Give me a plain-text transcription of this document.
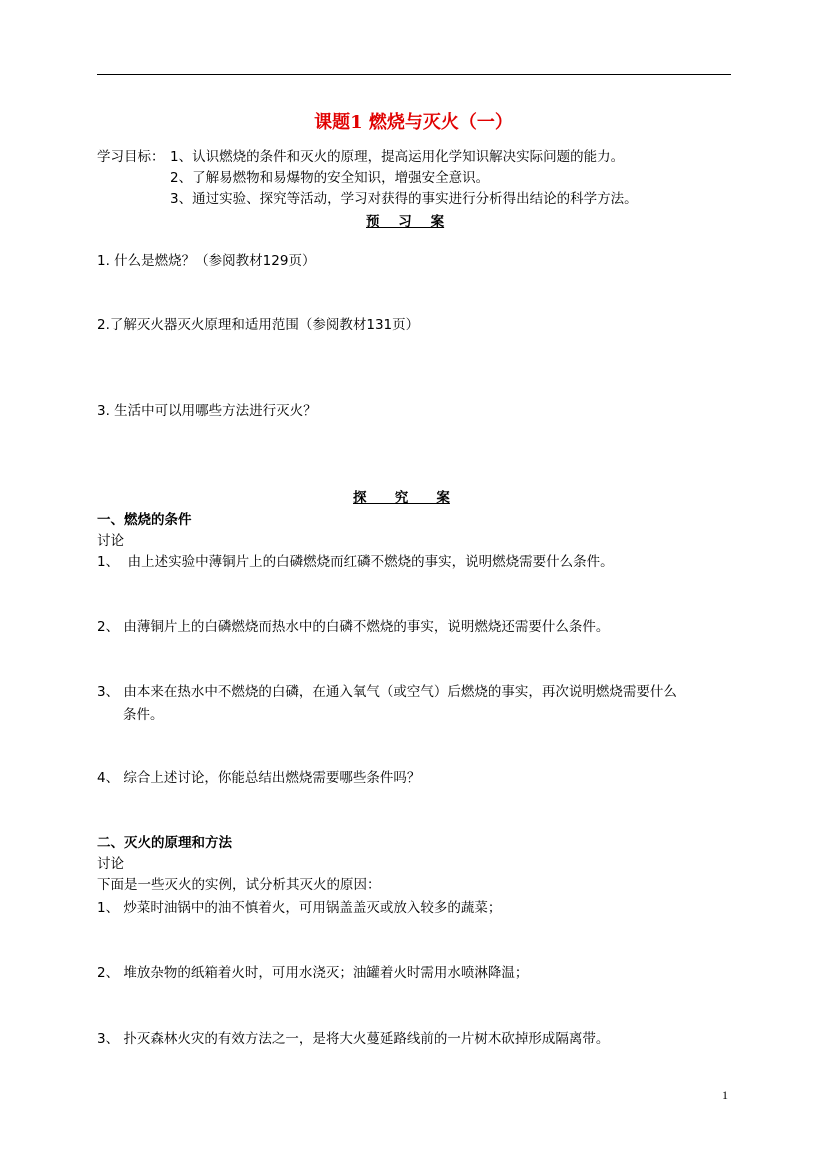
课题1 燃烧与灭火（一）
学习目标： 1、认识燃烧的条件和灭火的原理，提高运用化学知识解决实际问题的能力。
2、了解易燃物和易爆物的安全知识，增强安全意识。
3、通过实验、探究等活动，学习对获得的事实进行分析得出结论的科学方法。
预    习    案
1. 什么是燃烧？（参阅教材129页）
2.了解灭火器灭火原理和适用范围（参阅教材131页）
3. 生活中可以用哪些方法进行灭火？
探      究      案
一、燃烧的条件
讨论
1、  由上述实验中薄铜片上的白磷燃烧而红磷不燃烧的事实，说明燃烧需要什么条件。
2、 由薄铜片上的白磷燃烧而热水中的白磷不燃烧的事实，说明燃烧还需要什么条件。
3、 由本来在热水中不燃烧的白磷，在通入氧气（或空气）后燃烧的事实，再次说明燃烧需要什么
条件。
4、 综合上述讨论，你能总结出燃烧需要哪些条件吗？
二、灭火的原理和方法
讨论
下面是一些灭火的实例，试分析其灭火的原因：
1、 炒菜时油锅中的油不慎着火，可用锅盖盖灭或放入较多的蔬菜；
2、 堆放杂物的纸箱着火时，可用水浇灭；油罐着火时需用水喷淋降温；
3、 扑灭森林火灾的有效方法之一，是将大火蔓延路线前的一片树木砍掉形成隔离带。
1
